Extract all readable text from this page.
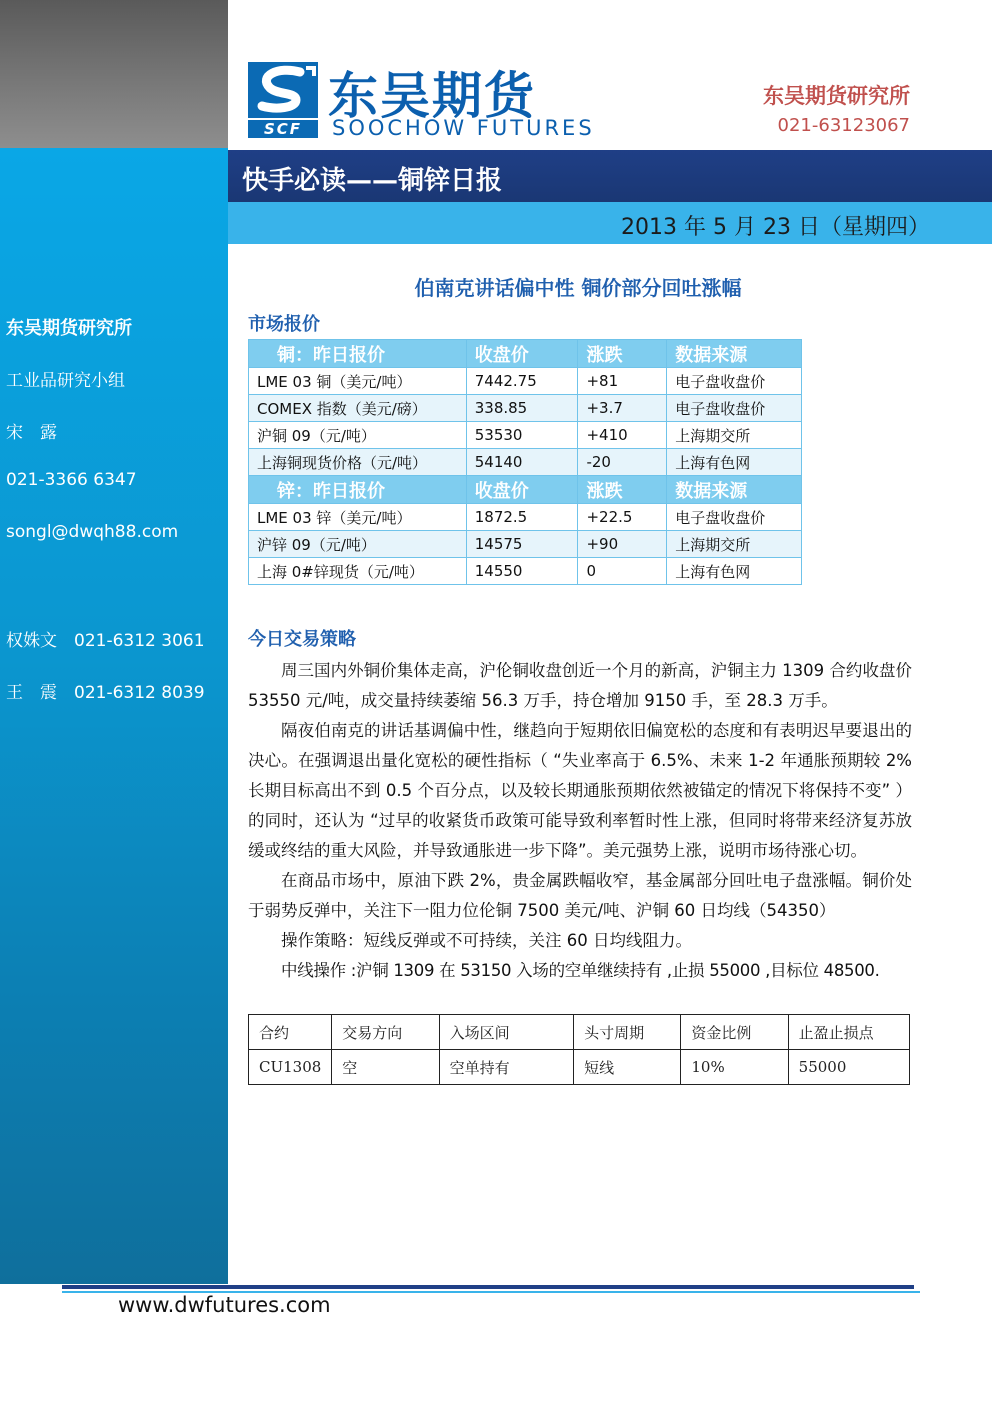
东吴期货研究所
工业品研究小组
宋　露
021-3366 6347
songl@dwqh88.com
权姝文 021-6312 3061
王　震 021-6312 8039
SCF
东吴期货
SOOCHOW FUTURES
东吴期货研究所
021-63123067
快手必读——铜锌日报
2013 年 5 月 23 日（星期四）
伯南克讲话偏中性 铜价部分回吐涨幅
市场报价
铜：昨日报价	收盘价	涨跌	数据来源
LME 03 铜（美元/吨）	7442.75	+81	电子盘收盘价
COMEX 指数（美元/磅）	338.85	+3.7	电子盘收盘价
沪铜 09（元/吨）	53530	+410	上海期交所
上海铜现货价格（元/吨）	54140	-20	上海有色网
锌：昨日报价	收盘价	涨跌	数据来源
LME 03 锌（美元/吨）	1872.5	+22.5	电子盘收盘价
沪锌 09（元/吨）	14575	+90	上海期交所
上海 0#锌现货（元/吨）	14550	0	上海有色网
今日交易策略

周三国内外铜价集体走高，沪伦铜收盘创近一个月的新高，沪铜主力 1309 合约收盘价 53550 元/吨，成交量持续萎缩 56.3 万手，持仓增加 9150 手，至 28.3 万手。

隔夜伯南克的讲话基调偏中性，继趋向于短期依旧偏宽松的态度和有表明迟早要退出的决心。在强调退出量化宽松的硬性指标（ “失业率高于 6.5%、未来 1-2 年通胀预期较 2%长期目标高出不到 0.5 个百分点，以及较长期通胀预期依然被锚定的情况下将保持不变” ）的同时，还认为 “过早的收紧货币政策可能导致利率暂时性上涨，但同时将带来经济复苏放缓或终结的重大风险，并导致通胀进一步下降”。美元强势上涨，说明市场待涨心切。

在商品市场中，原油下跌 2%，贵金属跌幅收窄，基金属部分回吐电子盘涨幅。铜价处于弱势反弹中，关注下一阻力位伦铜 7500 美元/吨、沪铜 60 日均线（54350）

操作策略：短线反弹或不可持续，关注 60 日均线阻力。

中线操作 :沪铜 1309 在 53150 入场的空单继续持有 ,止损 55000 ,目标位 48500.

合约	交易方向	入场区间	头寸周期	资金比例	止盈止损点
CU1308	空	空单持有	短线	10%	55000
www.dwfutures.com
